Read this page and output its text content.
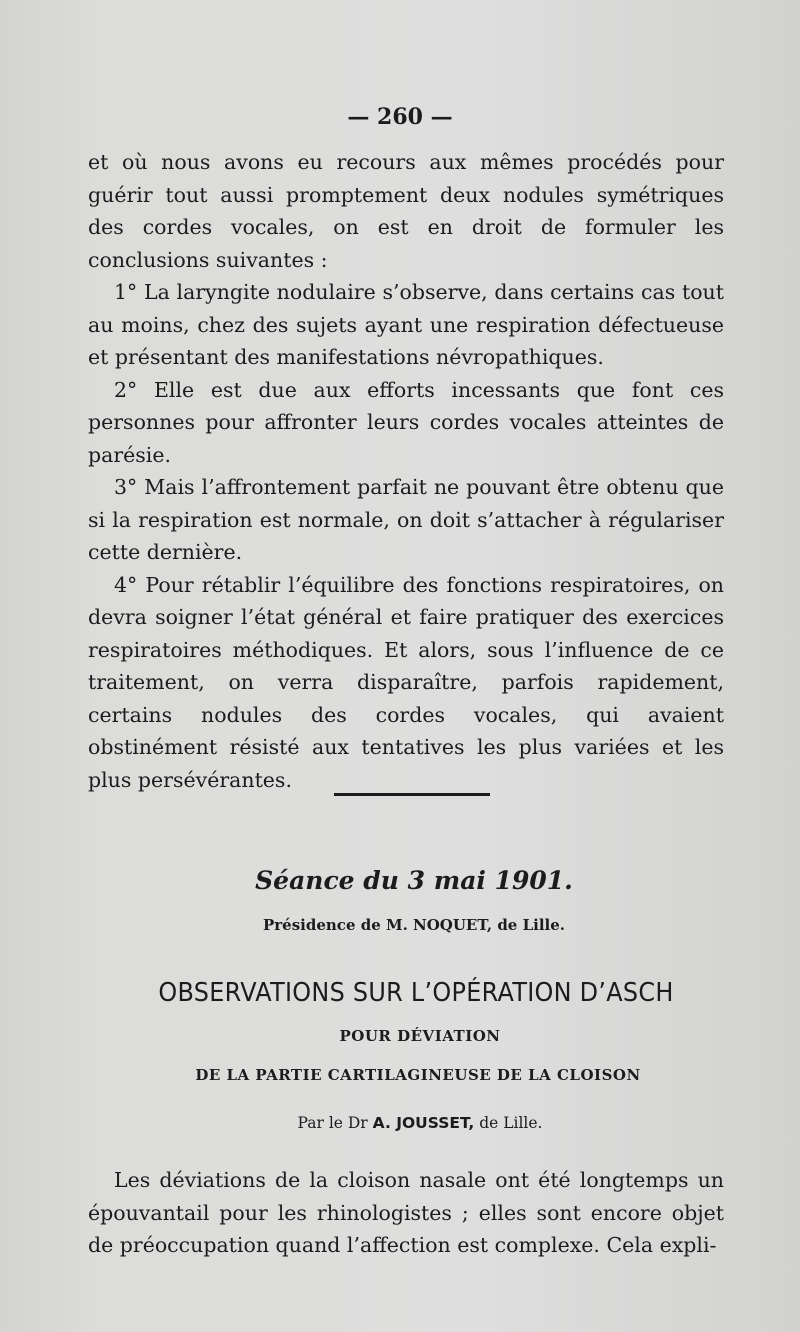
— 260 —

et où nous avons eu recours aux mêmes procédés pour guérir tout aussi promptement deux nodules symétriques des cordes vocales, on est en droit de formuler les conclusions suivantes :

1° La laryngite nodulaire s’observe, dans certains cas tout au moins, chez des sujets ayant une respiration défectueuse et présentant des manifestations névropathiques.

2° Elle est due aux efforts incessants que font ces personnes pour affronter leurs cordes vocales atteintes de parésie.

3° Mais l’affrontement parfait ne pouvant être obtenu que si la respiration est normale, on doit s’attacher à régulariser cette dernière.

4° Pour rétablir l’équilibre des fonctions respiratoires, on devra soigner l’état général et faire pratiquer des exercices respiratoires méthodiques. Et alors, sous l’influence de ce traitement, on verra disparaître, parfois rapidement, certains nodules des cordes vocales, qui avaient obstinément résisté aux tentatives les plus variées et les plus persévérantes.

Séance du 3 mai 1901.
Présidence de M. NOQUET, de Lille.
OBSERVATIONS SUR L’OPÉRATION D’ASCH
POUR DÉVIATION
DE LA PARTIE CARTILAGINEUSE DE LA CLOISON
Par le Dr A. JOUSSET, de Lille.

Les déviations de la cloison nasale ont été longtemps un épouvantail pour les rhinologistes ; elles sont encore objet de préoccupation quand l’affection est complexe. Cela expli-
